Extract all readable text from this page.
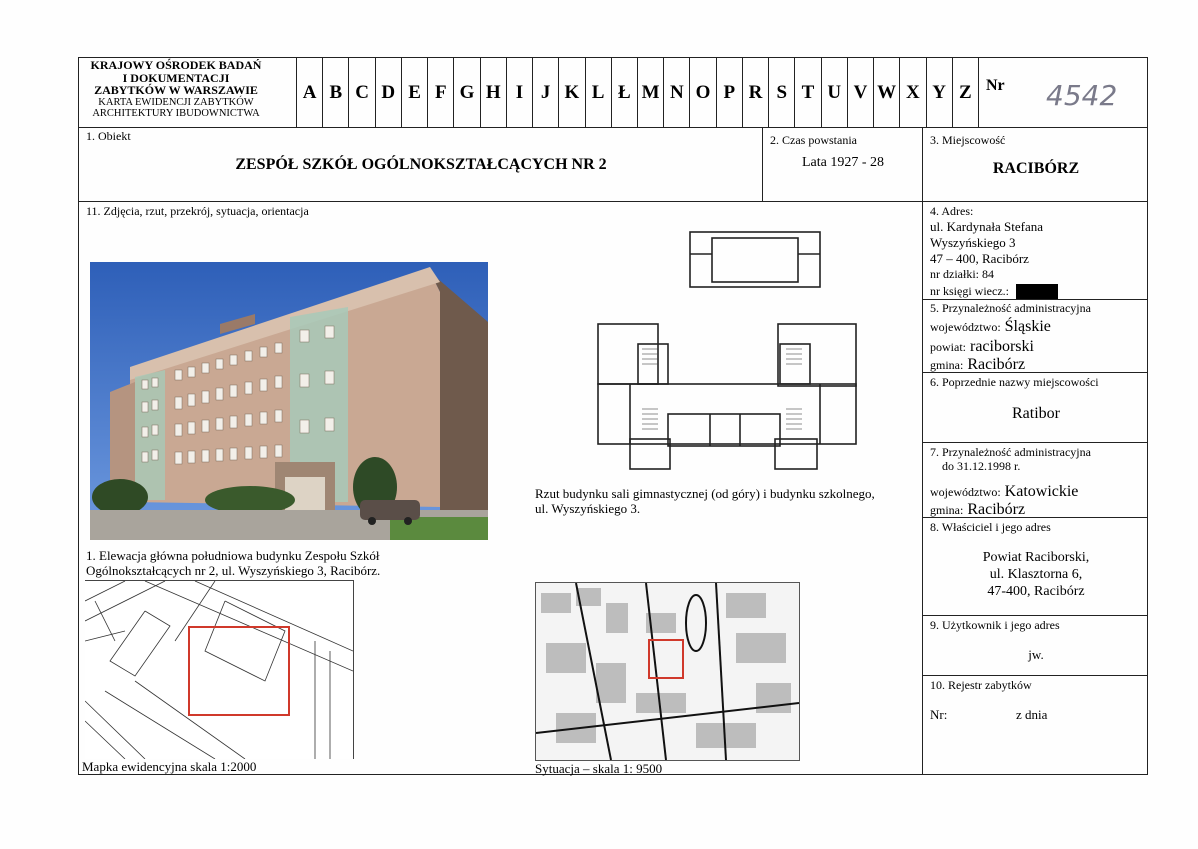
KRAJOWY OŚRODEK BADAŃ
I DOKUMENTACJI
ZABYTKÓW W WARSZAWIE
KARTA EWIDENCJI ZABYTKÓW
ARCHITEKTURY IBUDOWNICTWA
A B C D E F G H I J K L Ł M N O P R S T U V W X Y Z Nr 4542
1. Obiekt
ZESPÓŁ SZKÓŁ OGÓLNOKSZTAŁCĄCYCH NR 2
2. Czas powstania
Lata 1927 - 28
3. Miejscowość
RACIBÓRZ
11. Zdjęcia, rzut, przekrój, sytuacja, orientacja
1. Elewacja główna południowa budynku Zespołu Szkół
Ogólnokształcących nr 2, ul. Wyszyńskiego 3, Racibórz.
Rzut budynku sali gimnastycznej (od góry) i budynku szkolnego,
ul. Wyszyńskiego 3.
Mapka ewidencyjna skala 1:2000	Sytuacja – skala 1: 9500
4. Adres:
ul. Kardynała Stefana
Wyszyńskiego 3
47 – 400, Racibórz
nr działki: 84
nr księgi wiecz.:
5. Przynależność administracyjna
województwo: Śląskie
powiat: raciborski
gmina: Racibórz
6. Poprzednie nazwy miejscowości
Ratibor
7. Przynależność administracyjna
do 31.12.1998 r.
województwo: Katowickie
gmina: Racibórz
8. Właściciel i jego adres
Powiat Raciborski,
ul. Klasztorna 6,
47-400, Racibórz
9. Użytkownik i jego adres
jw.
10. Rejestr zabytków
Nr:	z dnia
